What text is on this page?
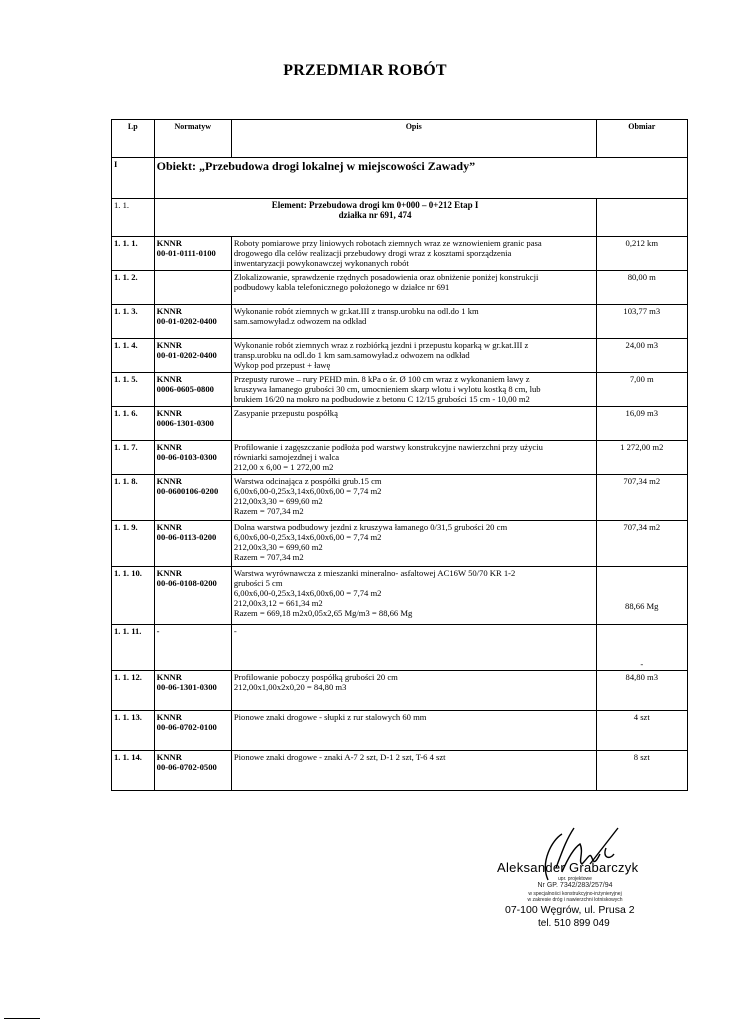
PRZEDMIAR ROBÓT
Lp	Normatyw	Opis	Obmiar
I	Obiekt: „Przebudowa drogi lokalnej w miejscowości Zawady”		
1. 1.	Element: Przebudowa drogi km 0+000 – 0+212 Etap I
działka nr 691, 474		

1. 1. 1.	KNNR
00-01-0111-0100	Roboty pomiarowe przy liniowych robotach ziemnych wraz ze wznowieniem granic pasa
drogowego dla celów realizacji przebudowy drogi wraz z kosztami sporządzenia
inwentaryzacji powykonawczej wykonanych robót	0,212 km
1. 1. 2.		Zlokalizowanie, sprawdzenie rzędnych posadowienia oraz obniżenie poniżej konstrukcji
podbudowy kabla telefonicznego położonego w działce nr 691	80,00 m
1. 1. 3.	KNNR
00-01-0202-0400	Wykonanie robót ziemnych w gr.kat.III z transp.urobku na odl.do 1 km
sam.samowyład.z odwozem na odkład	103,77 m3
1. 1. 4.	KNNR
00-01-0202-0400	Wykonanie robót ziemnych wraz z rozbiórką jezdni i przepustu koparką w gr.kat.III z
transp.urobku na odl.do 1 km sam.samowyład.z odwozem na odkład
Wykop pod przepust + ławę	24,00 m3
1. 1. 5.	KNNR
0006-0605-0800	Przepusty rurowe – rury PEHD min. 8 kPa o śr. Ø 100 cm wraz z wykonaniem ławy z
kruszywa łamanego grubości 30 cm, umocnieniem skarp wlotu i wylotu kostką 8 cm, lub
brukiem 16/20 na mokro na podbudowie z betonu C 12/15 grubości 15 cm - 10,00 m2	7,00 m
1. 1. 6.	KNNR
0006-1301-0300	Zasypanie przepustu pospółką	16,09 m3
1. 1. 7.	KNNR
00-06-0103-0300	Profilowanie i zagęszczanie podłoża pod warstwy konstrukcyjne nawierzchni przy użyciu
równiarki samojezdnej i walca
212,00 x 6,00 = 1 272,00 m2	1 272,00 m2
1. 1. 8.	KNNR
00-0600106-0200	Warstwa odcinająca z pospółki grub.15 cm
6,00x6,00-0,25x3,14x6,00x6,00 = 7,74 m2
212,00x3,30 = 699,60 m2
Razem = 707,34 m2	707,34 m2
1. 1. 9.	KNNR
00-06-0113-0200	Dolna warstwa podbudowy jezdni z kruszywa łamanego 0/31,5 grubości 20 cm
6,00x6,00-0,25x3,14x6,00x6,00 = 7,74 m2
212,00x3,30 = 699,60 m2
Razem = 707,34 m2	707,34 m2
1. 1. 10.	KNNR
00-06-0108-0200	Warstwa wyrównawcza z mieszanki mineralno- asfaltowej AC16W 50/70 KR 1-2
grubości 5 cm
6,00x6,00-0,25x3,14x6,00x6,00 = 7,74 m2
212,00x3,12 = 661,34 m2
Razem = 669,18 m2x0,05x2,65 Mg/m3 = 88,66 Mg	88,66 Mg
1. 1. 11.	-	-	-
1. 1. 12.	KNNR
00-06-1301-0300	Profilowanie poboczy pospółką grubości 20 cm
212,00x1,00x2x0,20 = 84,80 m3	84,80 m3
1. 1. 13.	KNNR
00-06-0702-0100	Pionowe znaki drogowe - słupki z rur stalowych 60 mm	4 szt
1. 1. 14.	KNNR
00-06-0702-0500	Pionowe znaki drogowe - znaki A-7 2 szt, D-1 2 szt, T-6 4 szt	8 szt
Aleksander Grabarczyk
upr. projektowe
Nr GP. 7342/283/257/94
w specjalności konstrukcyjno-inżynieryjnej
w zakresie dróg i nawierzchni lotniskowych
07-100 Węgrów, ul. Prusa 2
tel. 510 899 049
